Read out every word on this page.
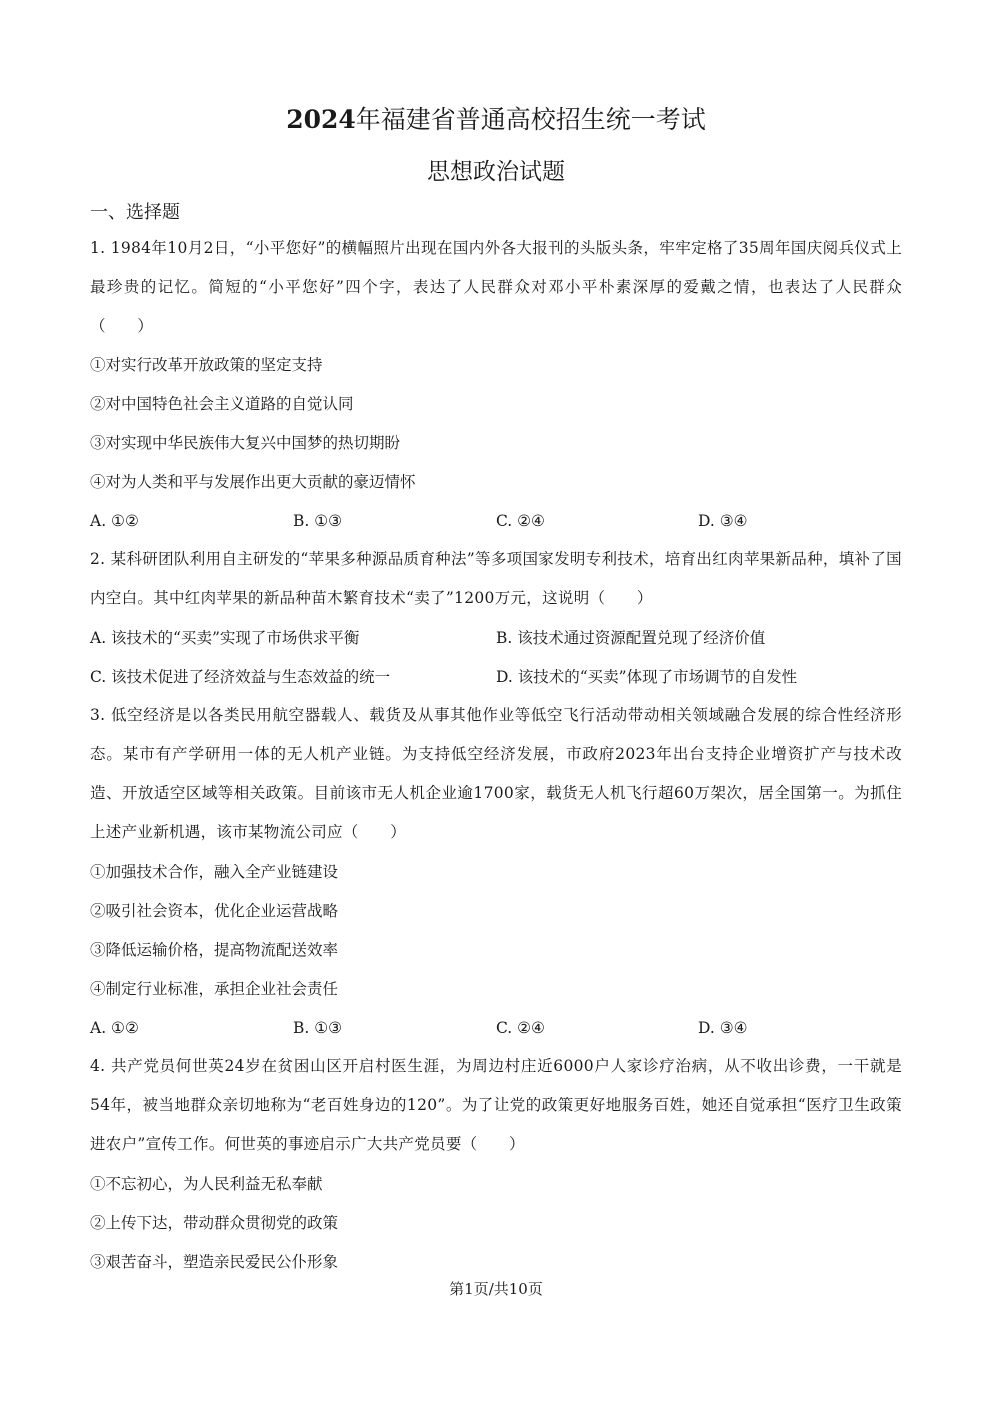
2024年福建省普通高校招生统一考试
思想政治试题
一、选择题
1. 1984年10月2日，“小平您好”的横幅照片出现在国内外各大报刊的头版头条，牢牢定格了35周年国庆阅兵仪式上最珍贵的记忆。简短的“小平您好”四个字，表达了人民群众对邓小平朴素深厚的爱戴之情，也表达了人民群众（　　）
①对实行改革开放政策的坚定支持
②对中国特色社会主义道路的自觉认同
③对实现中华民族伟大复兴中国梦的热切期盼
④对为人类和平与发展作出更大贡献的豪迈情怀
A. ①②	B. ①③	C. ②④	D. ③④
2. 某科研团队利用自主研发的“苹果多种源品质育种法”等多项国家发明专利技术，培育出红肉苹果新品种，填补了国内空白。其中红肉苹果的新品种苗木繁育技术“卖了”1200万元，这说明（　　）
A. 该技术的“买卖”实现了市场供求平衡	B. 该技术通过资源配置兑现了经济价值
C. 该技术促进了经济效益与生态效益的统一	D. 该技术的“买卖”体现了市场调节的自发性
3. 低空经济是以各类民用航空器载人、载货及从事其他作业等低空飞行活动带动相关领域融合发展的综合性经济形态。某市有产学研用一体的无人机产业链。为支持低空经济发展，市政府2023年出台支持企业增资扩产与技术改造、开放适空区域等相关政策。目前该市无人机企业逾1700家，载货无人机飞行超60万架次，居全国第一。为抓住上述产业新机遇，该市某物流公司应（　　）
①加强技术合作，融入全产业链建设
②吸引社会资本，优化企业运营战略
③降低运输价格，提高物流配送效率
④制定行业标准，承担企业社会责任
A. ①②	B. ①③	C. ②④	D. ③④
4. 共产党员何世英24岁在贫困山区开启村医生涯，为周边村庄近6000户人家诊疗治病，从不收出诊费，一干就是54年，被当地群众亲切地称为“老百姓身边的120”。为了让党的政策更好地服务百姓，她还自觉承担“医疗卫生政策进农户”宣传工作。何世英的事迹启示广大共产党员要（　　）
①不忘初心，为人民利益无私奉献
②上传下达，带动群众贯彻党的政策
③艰苦奋斗，塑造亲民爱民公仆形象
第1页/共10页
